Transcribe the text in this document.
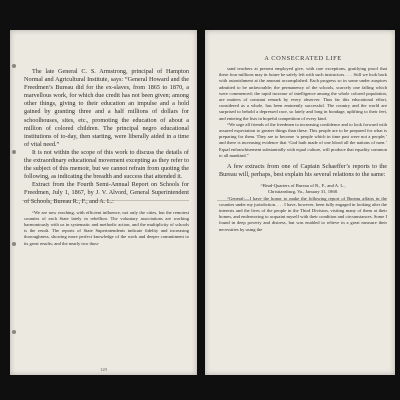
The late General C. S. Armstrong, principal of Hampton Normal and Agricultural Institute, says: “General Howard and the Freedmen’s Bureau did for the ex-slaves, from 1865 to 1870, a marvellous work, for which due credit has not been given; among other things, giving to their education an impulse and a hold gained by granting three and a half millions of dollars for schoolhouses, sites, etc., promoting the education of about a million of colored children. The principal negro educational institutions of to-day, then starting, were liberally aided in a time of vital need.”

It is not within the scope of this work to discuss the details of the extraordinary educational movement excepting as they refer to the subject of this memoir, but we cannot refrain from quoting the following, as indicating the breadth and success that attended it.

Extract from the Fourth Semi-Annual Report on Schools for Freedmen, July 1, 1867, by J. V. Alvord, General Superintendent of Schools, Bureau R., F., and A. L.:

“We are now reaching, with efficient influence, not only the cities, but the remotest counties of each State lately in rebellion. The voluntary associations are working harmoniously with us in systematic and methodic action, and the multiplicity of schools is the result. The reports of State Superintendents indicate fidelity and increasing thoroughness, showing more perfect knowledge of the work and deeper commitment to its great results; and the nearly two thou-

129

A CONSECRATED LIFE

sand teachers at present employed give, with rare exceptions, gratifying proof that these four millions may in future be safely left with such instructors. . . . Still we look back with astonishment at the amount accomplished. Each progress so in some under auspices admitted to be unfavorable; the permanency of the schools, scarcely one falling which were commenced; the rapid increase of intelligence among the whole colored population, are matters of constant remark by every observer. Thus far this educational effort, considered as a whole, has been eminently successful. The country and the world are surprised to behold a depressed race, so lately and long in bondage, uplifting to their feet, and entering the lists in hopeful competition of every kind.

“We urge all friends of the freedmen to increasing confidence and to look forward with assured expectation to greater things than these. This people are to be prepared for what is preparing for them. They are to become ‘a people which in time past were not a people;’ and there is increasing evidence that ‘God hath made of one blood all the nations of men.’ Equal enfranchisement substantially with equal culture, will produce that equality common to all mankind.”

A few extracts from one of Captain Schaeffer’s reports to the Bureau will, perhaps, best explain his several relations to the same:

“Head-Quarters of Bureau of R., F., and A. L.,

Christiansburg, Va., January 31, 1868.

“General:—I have the honor to make the following report of Bureau affairs in the counties under my jurisdiction. . . . I have, however, been fully engaged in looking after the interests and the lives of the people in the Third Division, visiting many of them at their homes, and endeavoring to acquaint myself with their condition and circumstances. Some I found in deep poverty and distress, but was enabled to relieve in a great measure their necessities by using the
